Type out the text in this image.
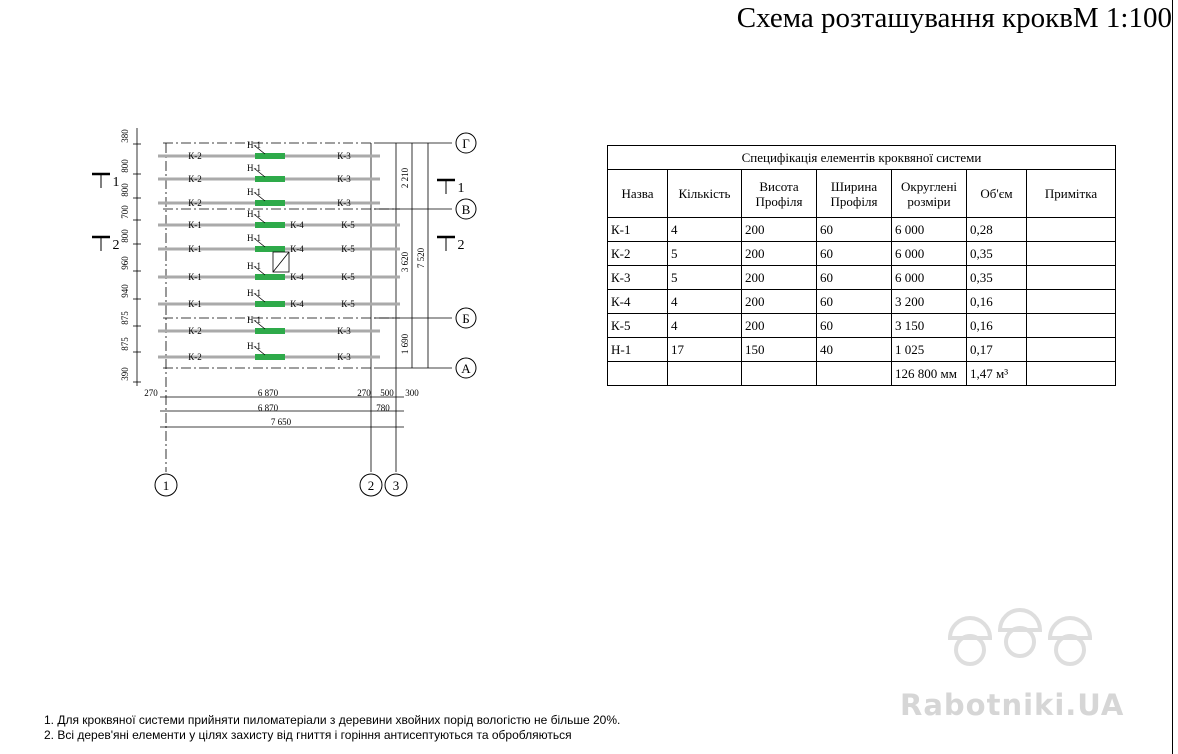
Схема розташування кроквМ 1:100
Г
В
Б
А
1	2 3
К-2
Н-1
К-3
К-2
Н-1
К-3
К-2
Н-1
К-3
К-1
Н-1
К-4	К-5
К-1
Н-1
К-4	К-5
К-1
Н-1
К-4	К-5
К-1
Н-1
К-4	К-5
К-2
Н-1
К-3
К-2
Н-1
К-3
380
800
800
700
800
960
940
875
875
390
1
2
1
2
2 210
3 620
1 690
7 520
270	6 870	270 500 300
6 870	780
7 650
Специфікація елементів кроквяної системи						
Назва	Кількість	Висота Профіля	Ширина Профіля	Округлені розміри	Об'єм	Примітка
К-1	4	200	60	6 000	0,28	
К-2	5	200	60	6 000	0,35	
К-3	5	200	60	6 000	0,35	
К-4	4	200	60	3 200	0,16	
К-5	4	200	60	3 150	0,16	
Н-1	17	150	40	1 025	0,17	
				126 800 мм	1,47 м³	
1. Для кроквяної системи прийняти пиломатеріали з деревини хвойних порід вологістю не більше 20%.
2. Всі дерев'яні елементи у цілях захисту від гниття і горіння антисептуються та обробляються
Rabotniki.UA
